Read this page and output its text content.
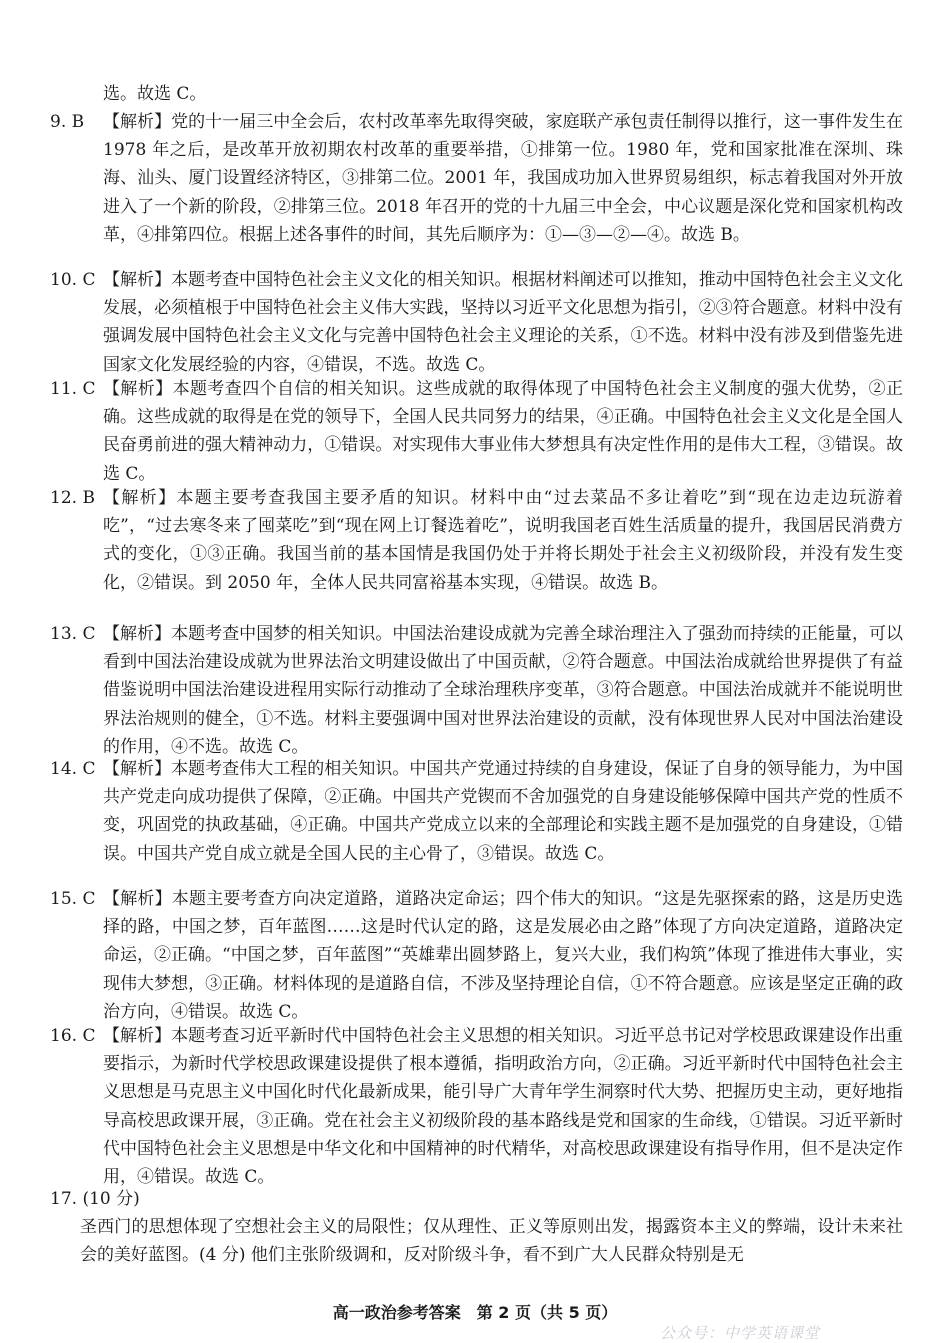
选。故选 C。
9. B	【解析】党的十一届三中全会后，农村改革率先取得突破，家庭联产承包责任制得以推行，这一事件发生在 1978 年之后，是改革开放初期农村改革的重要举措，①排第一位。1980 年，党和国家批准在深圳、珠海、汕头、厦门设置经济特区，③排第二位。2001 年，我国成功加入世界贸易组织，标志着我国对外开放进入了一个新的阶段，②排第三位。2018 年召开的党的十九届三中全会，中心议题是深化党和国家机构改革，④排第四位。根据上述各事件的时间，其先后顺序为：①—③—②—④。故选 B。
10. C 【解析】本题考查中国特色社会主义文化的相关知识。根据材料阐述可以推知，推动中国特色社会主义文化发展，必须植根于中国特色社会主义伟大实践，坚持以习近平文化思想为指引，②③符合题意。材料中没有强调发展中国特色社会主义文化与完善中国特色社会主义理论的关系，①不选。材料中没有涉及到借鉴先进国家文化发展经验的内容，④错误，不选。故选 C。
11. C 【解析】本题考查四个自信的相关知识。这些成就的取得体现了中国特色社会主义制度的强大优势，②正确。这些成就的取得是在党的领导下，全国人民共同努力的结果，④正确。中国特色社会主义文化是全国人民奋勇前进的强大精神动力，①错误。对实现伟大事业伟大梦想具有决定性作用的是伟大工程，③错误。故选 C。
12. B 【解析】本题主要考查我国主要矛盾的知识。材料中由“过去菜品不多让着吃”到“现在边走边玩游着吃”，“过去寒冬来了囤菜吃”到“现在网上订餐选着吃”，说明我国老百姓生活质量的提升，我国居民消费方式的变化，①③正确。我国当前的基本国情是我国仍处于并将长期处于社会主义初级阶段，并没有发生变化，②错误。到 2050 年，全体人民共同富裕基本实现，④错误。故选 B。
13. C 【解析】本题考查中国梦的相关知识。中国法治建设成就为完善全球治理注入了强劲而持续的正能量，可以看到中国法治建设成就为世界法治文明建设做出了中国贡献，②符合题意。中国法治成就给世界提供了有益借鉴说明中国法治建设进程用实际行动推动了全球治理秩序变革，③符合题意。中国法治成就并不能说明世界法治规则的健全，①不选。材料主要强调中国对世界法治建设的贡献，没有体现世界人民对中国法治建设的作用，④不选。故选 C。
14. C 【解析】本题考查伟大工程的相关知识。中国共产党通过持续的自身建设，保证了自身的领导能力，为中国共产党走向成功提供了保障，②正确。中国共产党锲而不舍加强党的自身建设能够保障中国共产党的性质不变，巩固党的执政基础，④正确。中国共产党成立以来的全部理论和实践主题不是加强党的自身建设，①错误。中国共产党自成立就是全国人民的主心骨了，③错误。故选 C。
15. C 【解析】本题主要考查方向决定道路，道路决定命运；四个伟大的知识。“这是先驱探索的路，这是历史选择的路，中国之梦，百年蓝图……这是时代认定的路，这是发展必由之路”体现了方向决定道路，道路决定命运，②正确。“中国之梦，百年蓝图”“英雄辈出圆梦路上，复兴大业，我们构筑”体现了推进伟大事业，实现伟大梦想，③正确。材料体现的是道路自信，不涉及坚持理论自信，①不符合题意。应该是坚定正确的政治方向，④错误。故选 C。
16. C 【解析】本题考查习近平新时代中国特色社会主义思想的相关知识。习近平总书记对学校思政课建设作出重要指示，为新时代学校思政课建设提供了根本遵循，指明政治方向，②正确。习近平新时代中国特色社会主义思想是马克思主义中国化时代化最新成果，能引导广大青年学生洞察时代大势、把握历史主动，更好地指导高校思政课开展，③正确。党在社会主义初级阶段的基本路线是党和国家的生命线，①错误。习近平新时代中国特色社会主义思想是中华文化和中国精神的时代精华，对高校思政课建设有指导作用，但不是决定作用，④错误。故选 C。
17. (10 分)
圣西门的思想体现了空想社会主义的局限性；仅从理性、正义等原则出发，揭露资本主义的弊端，设计未来社会的美好蓝图。(4 分) 他们主张阶级调和，反对阶级斗争，看不到广大人民群众特别是无
高一政治参考答案　第 2 页（共 5 页）
公众号：中学英语课堂
